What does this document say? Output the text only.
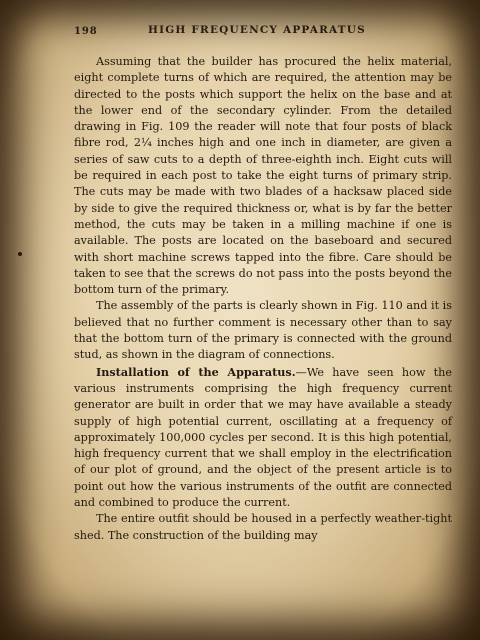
198	HIGH FREQUENCY APPARATUS

Assuming that the builder has procured the helix material, eight complete turns of which are required, the attention may be directed to the posts which support the helix on the base and at the lower end of the secondary cylinder. From the detailed drawing in Fig. 109 the reader will note that four posts of black fibre rod, 2¼ inches high and one inch in diameter, are given a series of saw cuts to a depth of three-eighth inch. Eight cuts will be required in each post to take the eight turns of primary strip. The cuts may be made with two blades of a hacksaw placed side by side to give the required thickness or, what is by far the better method, the cuts may be taken in a milling machine if one is available. The posts are located on the baseboard and secured with short machine screws tapped into the fibre. Care should be taken to see that the screws do not pass into the posts beyond the bottom turn of the primary.

The assembly of the parts is clearly shown in Fig. 110 and it is believed that no further comment is necessary other than to say that the bottom turn of the primary is connected with the ground stud, as shown in the diagram of connections.

Installation of the Apparatus.—We have seen how the various instruments comprising the high frequency current generator are built in order that we may have available a steady supply of high potential current, oscillating at a frequency of approximately 100,000 cycles per second. It is this high potential, high frequency current that we shall employ in the electrification of our plot of ground, and the object of the present article is to point out how the various instruments of the outfit are connected and combined to produce the current.

The entire outfit should be housed in a perfectly weather-tight shed. The construction of the building may
